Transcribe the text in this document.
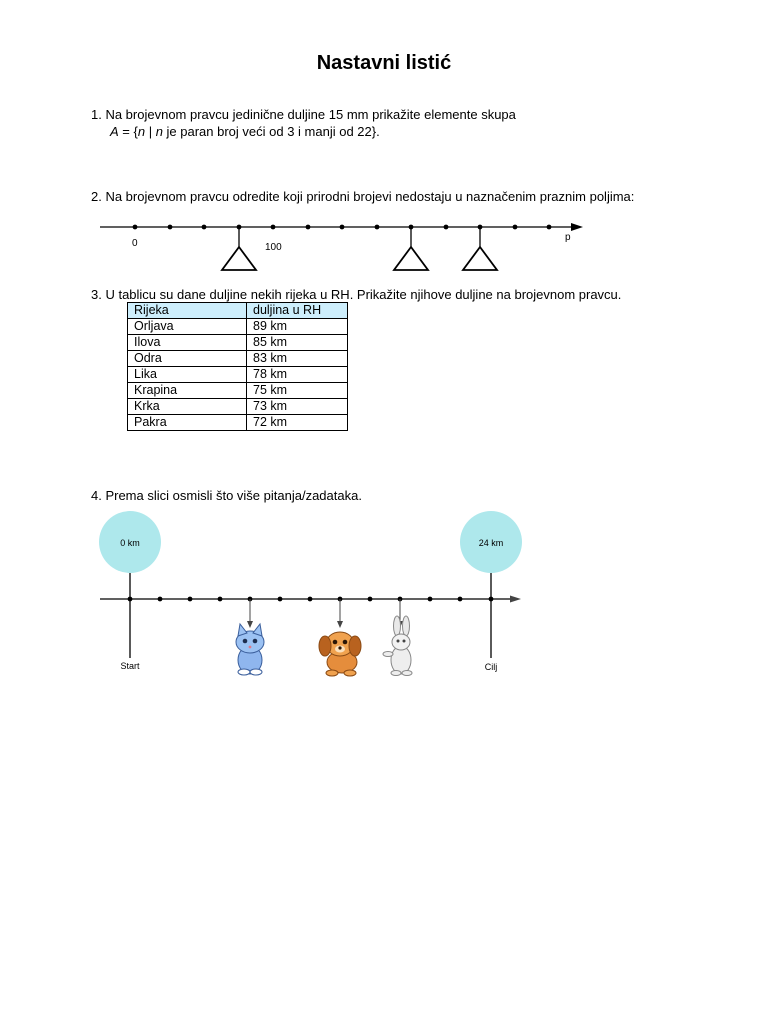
Nastavni listić
1. Na brojevnom pravcu jedinične duljine 15 mm prikažite elemente skupa
A = {n | n je paran broj veći od 3 i manji od 22}.
2. Na brojevnom pravcu odredite koji prirodni brojevi nedostaju u naznačenim praznim poljima:
0	100
p
3. U tablicu su dane duljine nekih rijeka u RH. Prikažite njihove duljine na brojevnom pravcu.
Rijeka	duljina u RH
Orljava	89 km
Ilova	85 km
Odra	83 km
Lika	78 km
Krapina	75 km
Krka	73 km
Pakra	72 km
4. Prema slici osmisli što više pitanja/zadataka.
0 km	24 km
Start	Cilj
